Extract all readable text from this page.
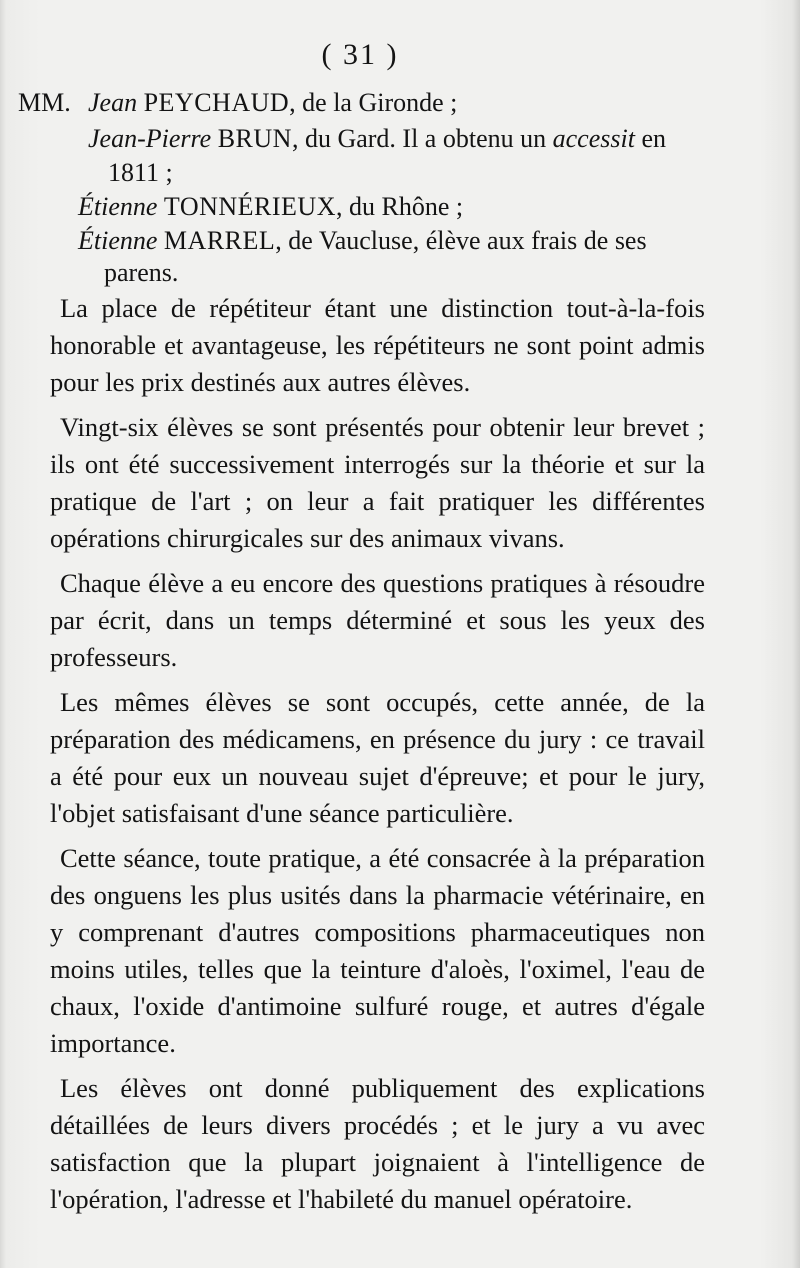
( 31 )
MM. Jean PEYCHAUD, de la Gironde ;
Jean-Pierre BRUN, du Gard. Il a obtenu un accessit en
1811 ;
Étienne TONNÉRIEUX, du Rhône ;
Étienne MARREL, de Vaucluse, élève aux frais de ses
parens.

La place de répétiteur étant une distinction tout-à-la-fois honorable et avantageuse, les répétiteurs ne sont point admis pour les prix destinés aux autres élèves.

Vingt-six élèves se sont présentés pour obtenir leur brevet ; ils ont été successivement interrogés sur la théorie et sur la pratique de l'art ; on leur a fait pratiquer les différentes opérations chirurgicales sur des animaux vivans.

Chaque élève a eu encore des questions pratiques à résoudre par écrit, dans un temps déterminé et sous les yeux des professeurs.

Les mêmes élèves se sont occupés, cette année, de la préparation des médicamens, en présence du jury : ce travail a été pour eux un nouveau sujet d'épreuve; et pour le jury, l'objet satisfaisant d'une séance particulière.

Cette séance, toute pratique, a été consacrée à la préparation des onguens les plus usités dans la pharmacie vétérinaire, en y comprenant d'autres compositions pharmaceutiques non moins utiles, telles que la teinture d'aloès, l'oximel, l'eau de chaux, l'oxide d'antimoine sulfuré rouge, et autres d'égale importance.

Les élèves ont donné publiquement des explications détaillées de leurs divers procédés ; et le jury a vu avec satisfaction que la plupart joignaient à l'intelligence de l'opération, l'adresse et l'habileté du manuel opératoire.
